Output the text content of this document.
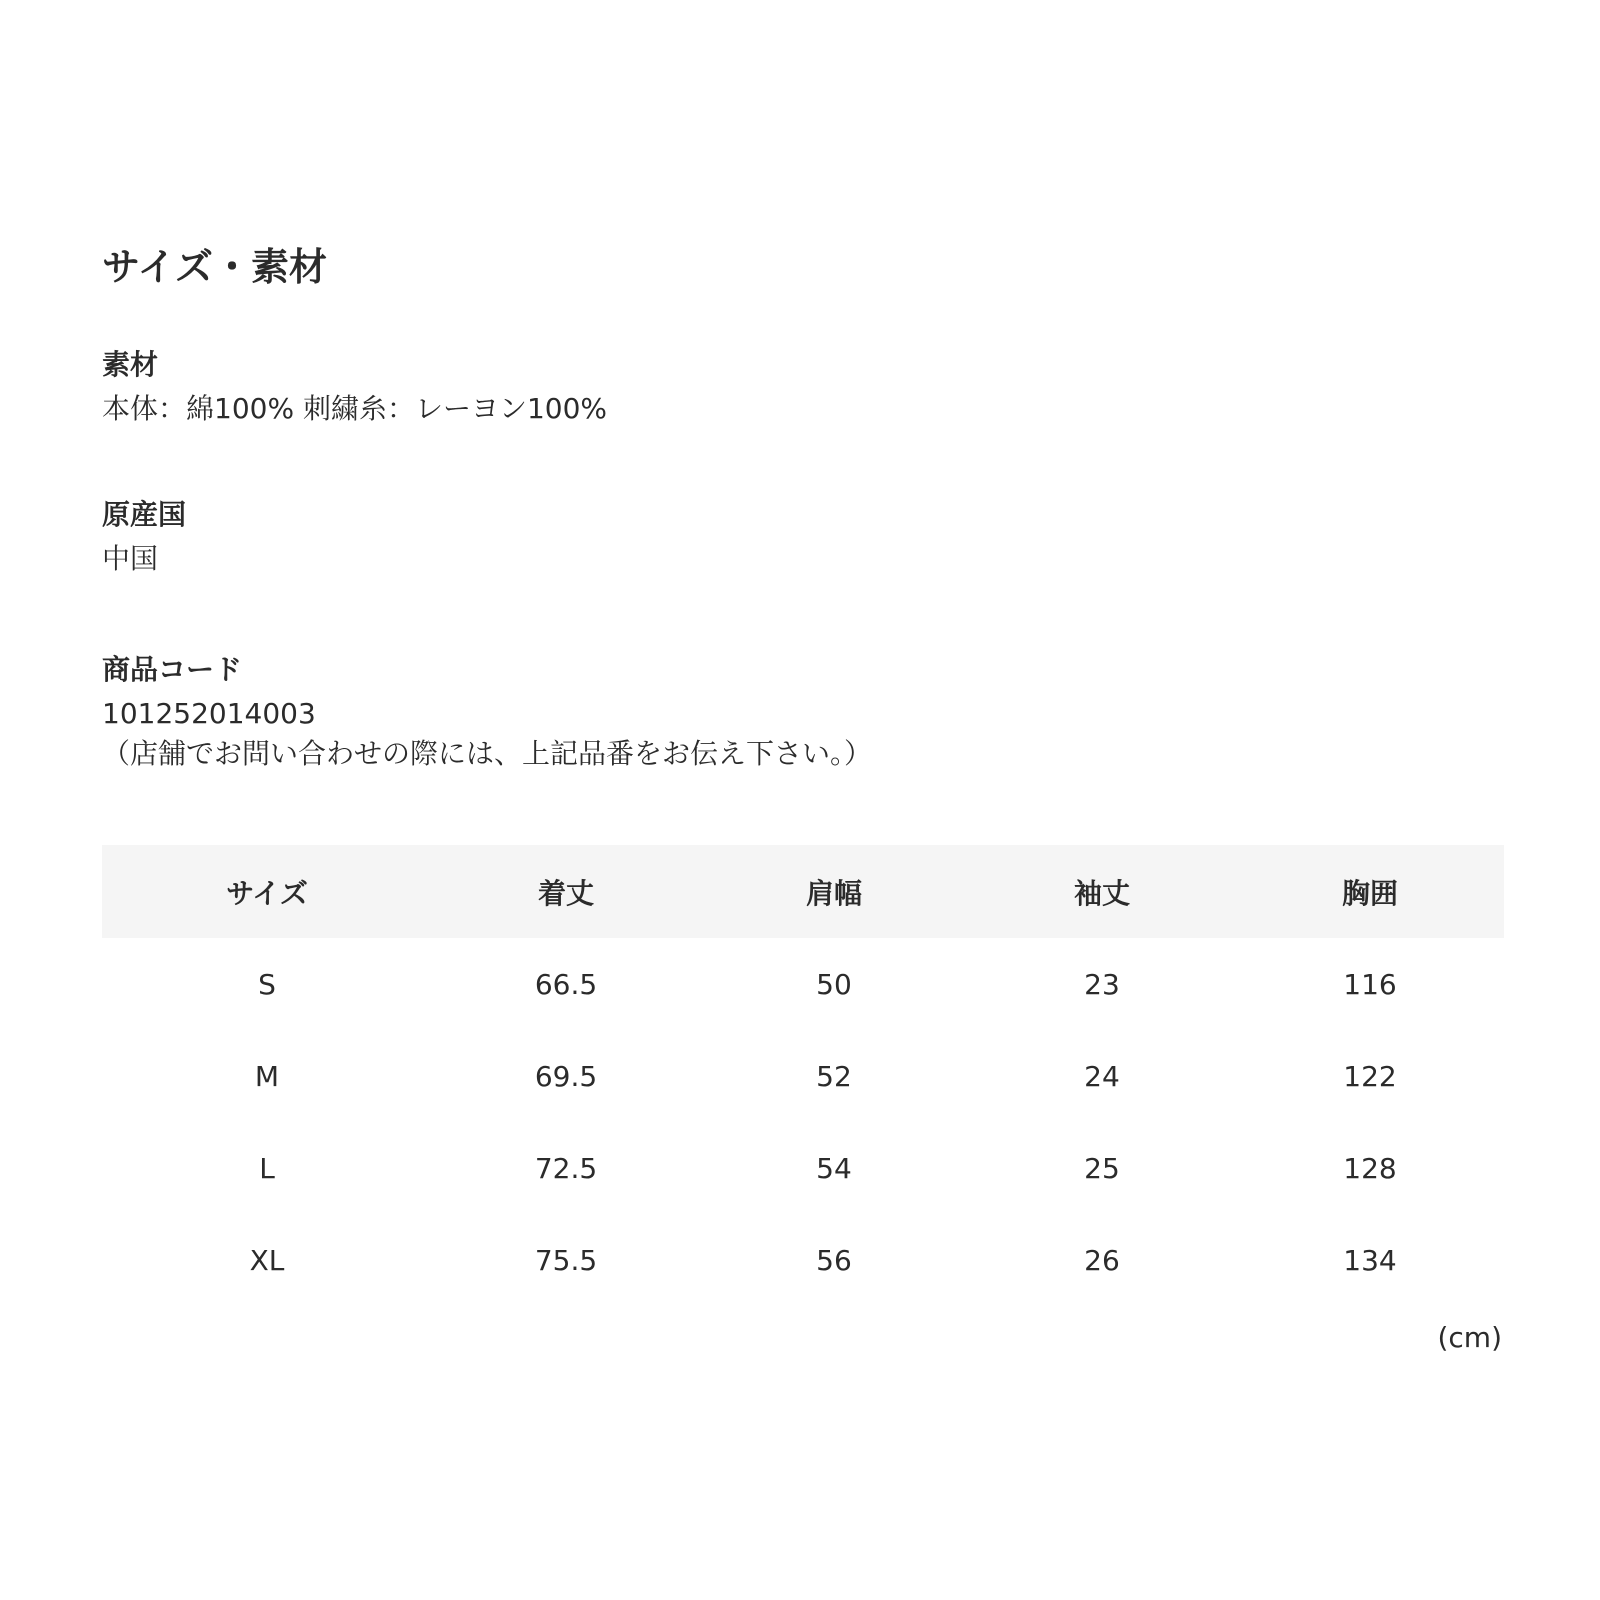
サイズ・素材
素材
本体：綿100% 刺繍糸：レーヨン100%
原産国
中国
商品コード
101252014003
（店舗でお問い合わせの際には、上記品番をお伝え下さい。）
サイズ	着丈	肩幅	袖丈	胸囲
S	66.5	50	23	116
M	69.5	52	24	122
L	72.5	54	25	128
XL	75.5	56	26	134
(cm)
